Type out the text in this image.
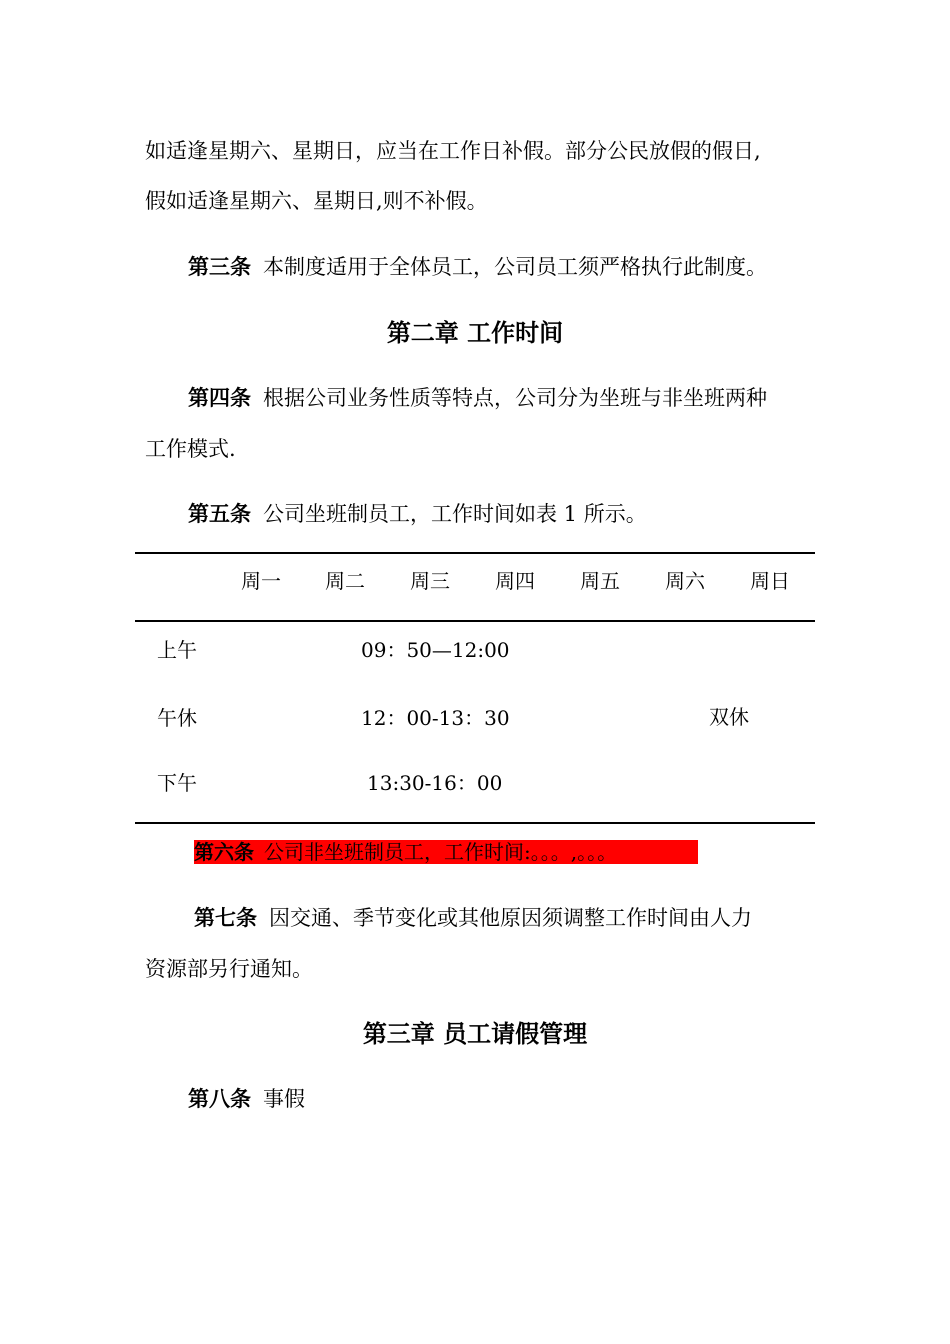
如适逢星期六、星期日，应当在工作日补假。部分公民放假的假日,
假如适逢星期六、星期日,则不补假。
第三条 本制度适用于全体员工，公司员工须严格执行此制度。
第二章 工作时间
第四条 根据公司业务性质等特点，公司分为坐班与非坐班两种
工作模式.
第五条 公司坐班制员工，工作时间如表 1 所示。
周一 周二 周三 周四 周五 周六 周日
上午	09：50—12:00
午休	12：00-13：30	双休
下午	13:30-16：00
第六条 公司非坐班制员工，工作时间:。。。,。。。
第七条 因交通、季节变化或其他原因须调整工作时间由人力
资源部另行通知。
第三章 员工请假管理
第八条 事假
